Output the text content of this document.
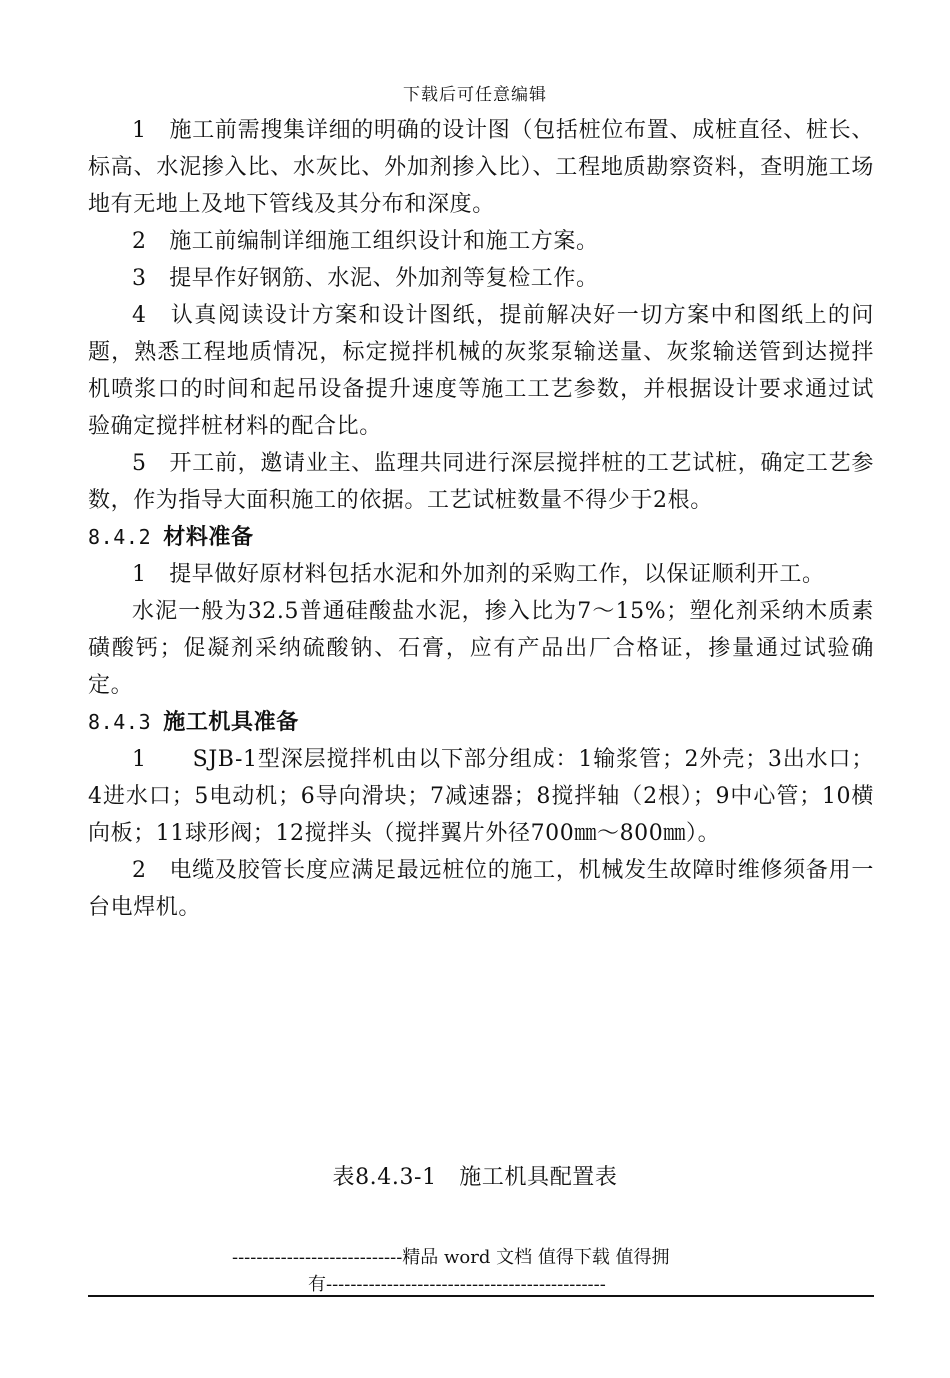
下载后可任意编辑

1　施工前需搜集详细的明确的设计图（包括桩位布置、成桩直径、桩长、标高、水泥掺入比、水灰比、外加剂掺入比）、工程地质勘察资料，查明施工场地有无地上及地下管线及其分布和深度。

2　施工前编制详细施工组织设计和施工方案。

3　提早作好钢筋、水泥、外加剂等复检工作。

4　认真阅读设计方案和设计图纸，提前解决好一切方案中和图纸上的问题，熟悉工程地质情况，标定搅拌机械的灰浆泵输送量、灰浆输送管到达搅拌机喷浆口的时间和起吊设备提升速度等施工工艺参数，并根据设计要求通过试验确定搅拌桩材料的配合比。

5　开工前，邀请业主、监理共同进行深层搅拌桩的工艺试桩，确定工艺参数，作为指导大面积施工的依据。工艺试桩数量不得少于2根。

8.4.2 材料准备

1　提早做好原材料包括水泥和外加剂的采购工作，以保证顺利开工。

水泥一般为32.5普通硅酸盐水泥，掺入比为7～15%；塑化剂采纳木质素磺酸钙；促凝剂采纳硫酸钠、石膏，应有产品出厂合格证，掺量通过试验确定。

8.4.3 施工机具准备

1　　SJB-1型深层搅拌机由以下部分组成：1输浆管；2外壳；3出水口；4进水口；5电动机；6导向滑块；7减速器；8搅拌轴（2根）；9中心管；10横向板；11球形阀；12搅拌头（搅拌翼片外径700㎜～800㎜）。

2　电缆及胶管长度应满足最远桩位的施工，机械发生故障时维修须备用一台电焊机。

表8.4.3-1　施工机具配置表
----------------------------精品 word 文档 值得下载 值得拥
有----------------------------------------------
